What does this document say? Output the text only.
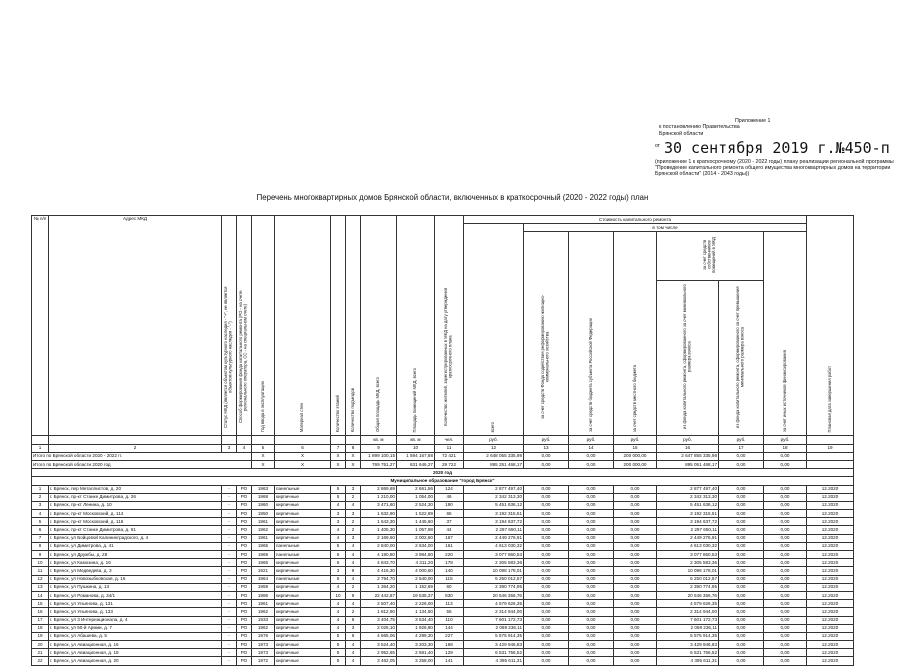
Приложение 1
к постановлению Правительства
Брянской области
$^{от}$ 30 сентября 2019 г.№450-п
(приложение 1 к краткосрочному (2020 - 2022 годы) плану реализации региональной программы "Проведение капитального ремонта общего имущества многоквартирных домов на территории Брянской области" (2014 - 2043 годы))
Перечень многоквартирных домов Брянской области, включенных в краткосрочный (2020 - 2022 годы) план
№ п/п	Адрес МКД	Статус МКД (является объектом культурного наследия - "+", не является объектом культурного наследия - "-")	Способ формирования фонда капитального ремонта (РО - на счете регионального оператора, СС - на специальном счете)	Год ввода в эксплуатацию	Материал стен	Количество этажей	Количество подъездов	Общая площадь МКД, всего	Площадь помещений МКД, всего	Количество жителей, зарегистрированных в МКД на дату утверждения краткосрочного плана	Стоимость капитального ремонта							Плановая дата завершения работ
											всего	в том числе						
												за счет средств Фонда содействия реформированию жилищно-коммунального хозяйства	за счет средств бюджета субъекта Российской Федерации	за счет средств местного бюджета	за счет средств собственников помещений в МКД		за счет иных источников финансирования	
															из фонда капитального ремонта, сформированного за счет минимального размера взноса	из фонда капитального ремонта, сформированного за счет превышения минимального размера взноса		
								кв. м	кв. м	чел.	руб.	руб.	руб.	руб.	руб.	руб.	руб.	
1	2	3	4	5	6	7	8	9	10	11	12	13	14	15	16	17	18	19
Итого по Брянской области 2020 - 2022 гг.				X	X	X	X	1 899 100,15	1 594 167,88	72 421	2 648 055 335,98	0,00	0,00	200 000,00	2 647 855 335,98	0,00	0,00	
Итого по Брянской области 2020 год				X	X	X	X	769 751,27	631 646,27	29 722	895 251 468,17	0,00	0,00	200 000,00	895 051 468,17	0,00	0,00	
2020 год																		
Муниципальное образование "город Брянск"																		
1	г. Брянск, пер Металлистов, д. 20	-	РО	1963	панельные	5	3	2 869,69	2 661,56	124	2 877 497,40	0,00	0,00	0,00	2 877 497,40	0,00	0,00	12.2020
2	г. Брянск, пр-кт Станке Димитрова, д. 26	-	РО	1968	кирпичные	5	2	1 210,00	1 054,00	46	2 342 313,30	0,00	0,00	0,00	2 342 313,30	0,00	0,00	12.2020
3	г. Брянск, пр-кт Ленина, д. 10	-	РО	1960	кирпичные	4	4	3 471,60	2 524,30	190	5 451 636,12	0,00	0,00	0,00	5 451 636,12	0,00	0,00	12.2020
4	г. Брянск, пр-кт Московский, д. 114	-	РО	1950	кирпичные	3	3	1 632,90	1 522,89	65	3 192 315,51	0,00	0,00	0,00	3 192 315,51	0,00	0,00	12.2020
5	г. Брянск, пр-кт Московский, д. 116	-	РО	1961	кирпичные	3	2	1 643,30	1 445,60	37	3 194 637,72	0,00	0,00	0,00	3 194 637,72	0,00	0,00	12.2020
6	г. Брянск, пр-кт Станке Димитрова, д. 61	-	РО	1962	кирпичные	4	2	1 405,30	1 057,98	44	2 297 650,11	0,00	0,00	0,00	2 297 650,11	0,00	0,00	12.2020
7	г. Брянск, ул Бойцовой Калининградского, д. 4	-	РО	1961	кирпичные	4	3	2 169,60	2 002,60	167	2 449 276,91	0,00	0,00	0,00	2 449 276,91	0,00	0,00	12.2020
8	г. Брянск, ул Димитрова, д. 41	-	РО	1965	панельные	5	4	2 840,00	2 634,00	161	4 613 030,32	0,00	0,00	0,00	4 613 030,32	0,00	0,00	12.2020
9	г. Брянск, ул Дружбы, д. 28	-	РО	1969	панельные	5	4	4 190,80	3 984,80	220	3 077 860,53	0,00	0,00	0,00	3 077 860,53	0,00	0,00	12.2020
10	г. Брянск, ул Камозина, д. 16	-	РО	1966	кирпичные	5	4	4 843,70	4 311,20	178	2 305 583,36	0,00	0,00	0,00	2 305 583,36	0,00	0,00	12.2020
11	г. Брянск, ул Медведева, д. 3	-	РО	1921	кирпичные	3	9	4 416,30	4 000,60	140	10 098 178,01	0,00	0,00	0,00	10 098 178,01	0,00	0,00	12.2020
12	г. Брянск, ул Новозыбковская, д. 16	-	РО	1964	панельные	5	4	2 794,70	2 540,00	115	5 250 012,57	0,00	0,00	0,00	5 250 012,57	0,00	0,00	12.2020
13	г. Брянск, ул Пушкина, д. 13	-	РО	1959	кирпичные	4	2	1 364,20	1 152,69	60	2 390 774,95	0,00	0,00	0,00	2 390 774,95	0,00	0,00	12.2020
14	г. Брянск, ул Романова, д. 34/1	-	РО	1986	кирпичные	10	9	22 442,87	19 535,37	830	20 546 356,76	0,00	0,00	0,00	20 546 356,76	0,00	0,00	12.2020
15	г. Брянск, ул Ульянова, д. 131	-	РО	1961	кирпичные	4	4	2 507,40	2 226,00	113	4 579 626,35	0,00	0,00	0,00	4 579 626,35	0,00	0,00	12.2020
16	г. Брянск, ул Ульянова, д. 133	-	РО	1962	кирпичные	4	2	1 812,90	1 134,60	55	2 314 944,00	0,00	0,00	0,00	2 314 944,00	0,00	0,00	12.2020
17	г. Брянск, ул 3 Интернационала, д. 4	-	РО	1933	кирпичные	4	6	3 404,75	3 534,40	110	7 601 172,73	0,00	0,00	0,00	7 601 172,73	0,00	0,00	12.2020
18	г. Брянск, ул 50-й Армии, д. 7	-	РО	1962	кирпичные	4	3	2 025,10	1 926,80	144	2 069 236,11	0,00	0,00	0,00	2 069 236,11	0,00	0,00	12.2020
19	г. Брянск, ул Абашева, д. 5	-	РО	1976	кирпичные	5	6	4 665,06	4 299,30	227	5 575 914,35	0,00	0,00	0,00	5 575 914,35	0,00	0,00	12.2020
20	г. Брянск, ул Авиационная, д. 16	-	РО	1973	кирпичные	5	4	3 524,40	3 203,30	168	3 429 946,83	0,00	0,00	0,00	3 429 946,83	0,00	0,00	12.2020
21	г. Брянск, ул Авиационная, д. 18	-	РО	1973	кирпичные	5	4	2 952,65	2 681,40	129	6 531 756,52	0,00	0,00	0,00	6 531 756,52	0,00	0,00	12.2020
22	г. Брянск, ул Авиационная, д. 20	-	РО	1972	кирпичные	5	4	3 462,05	3 258,00	141	4 395 611,31	0,00	0,00	0,00	4 395 611,31	0,00	0,00	12.2020
